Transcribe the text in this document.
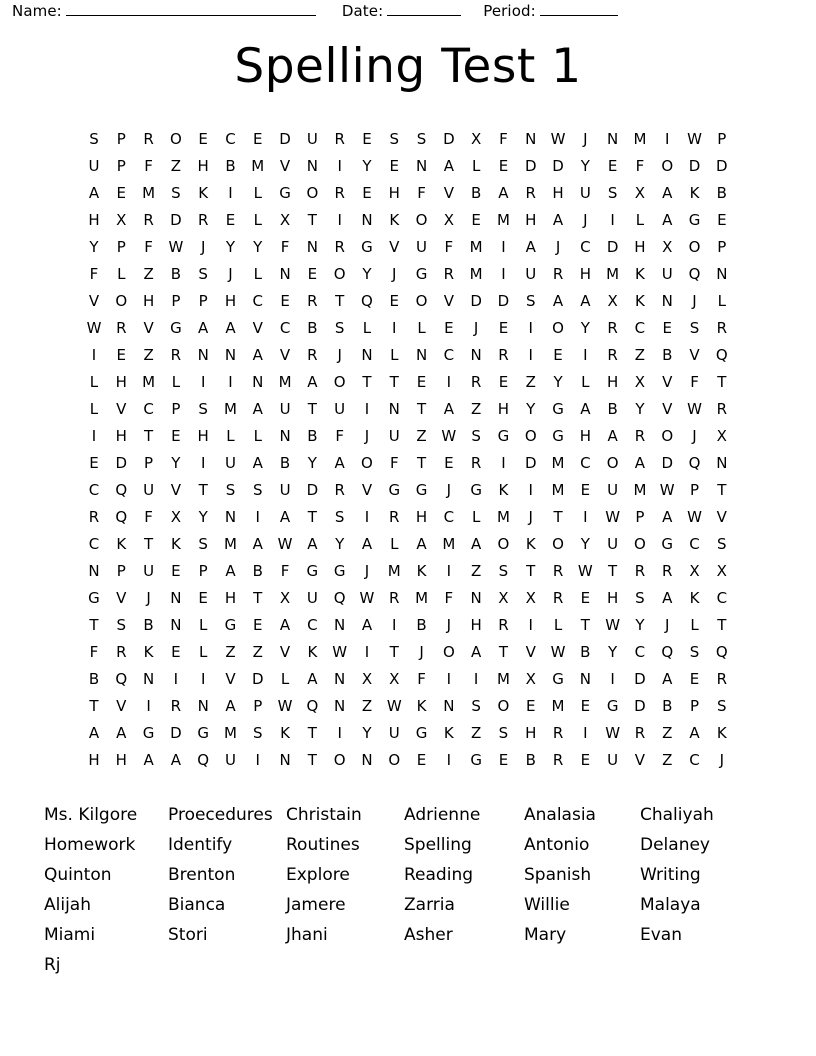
Name:	Date:	Period:
Spelling Test 1
S	P	R	O	E	C	E	D	U	R	E	S	S	D	X	F	N W	J	N	M	I	W	P
U	P	F	Z	H	B	M	V	N	I	Y	E	N	A	L	E	D	D	Y	E	F	O	D	D
A	E	M	S	K	I	L	G	O	R	E	H	F	V	B	A	R	H	U	S	X	A	K	B
H	X	R	D	R	E	L	X	T	I	N	K	O	X	E	M H	A	J	I	L	A	G	E
Y	P	F	W	J	Y	Y	F	N	R	G	V	U	F	M	I	A	J	C	D	H	X	O	P
F	L	Z	B	S	J	L	N	E	O	Y	J	G	R	M	I	U	R	H M	K	U	Q	N
V	O	H	P	P	H	C	E	R	T	Q	E	O	V	D	D	S	A	A	X	K	N	J	L
W R	V	G	A	A	V	C	B	S	L	I	L	E	J	E	I	O	Y	R	C	E	S	R
I	E	Z	R	N	N	A	V	R	J	N	L	N	C	N	R	I	E	I	R	Z	B	V	Q
L	H M	L	I	I	N	M	A	O	T	T	E	I	R	E	Z	Y	L	H	X	V	F	T
L	V	C	P	S	M	A	U	T	U	I	N	T	A	Z	H	Y	G	A	B	Y	V W R
I	H	T	E	H	L	L	N	B	F	J	U	Z W S	G	O	G	H	A	R	O	J	X
E	D	P	Y	I	U	A	B	Y	A	O	F	T	E	R	I	D M	C	O	A	D	Q	N
C	Q	U	V	T	S	S	U	D	R	V	G	G	J	G	K	I	M	E	U	M W	P	T
R	Q	F	X	Y	N	I	A	T	S	I	R	H	C	L	M	J	T	I	W	P	A W V
C	K	T	K	S	M	A W A	Y	A	L	A	M	A	O	K	O	Y	U	O	G	C	S
N	P	U	E	P	A	B	F	G	G	J	M	K	I	Z	S	T	R W	T	R	R	X	X
G	V	J	N	E	H	T	X	U	Q W R	M	F	N	X	X	R	E	H	S	A	K	C
T	S	B	N	L	G	E	A	C	N	A	I	B	J	H	R	I	L	T	W	Y	J	L	T
F	R	K	E	L	Z	Z	V	K W	I	T	J	O	A	T	V W B	Y	C	Q	S	Q
B	Q	N	I	I	V	D	L	A	N	X	X	F	I	I	M	X	G	N	I	D	A	E	R
T	V	I	R	N	A	P	W Q	N	Z W K	N	S	O	E	M	E	G	D	B	P	S
A	A	G	D	G M	S	K	T	I	Y	U	G	K	Z	S	H	R	I	W R	Z	A	K
H	H	A	A	Q	U	I	N	T	O	N	O	E	I	G	E	B	R	E	U	V	Z	C	J
Ms. Kilgore	Proecedures Christain	Adrienne	Analasia	Chaliyah
Homework	Identify	Routines	Spelling	Antonio	Delaney
Quinton	Brenton	Explore	Reading	Spanish	Writing
Alijah	Bianca	Jamere	Zarria	Willie	Malaya
Miami	Stori	Jhani	Asher	Mary	Evan
Rj
